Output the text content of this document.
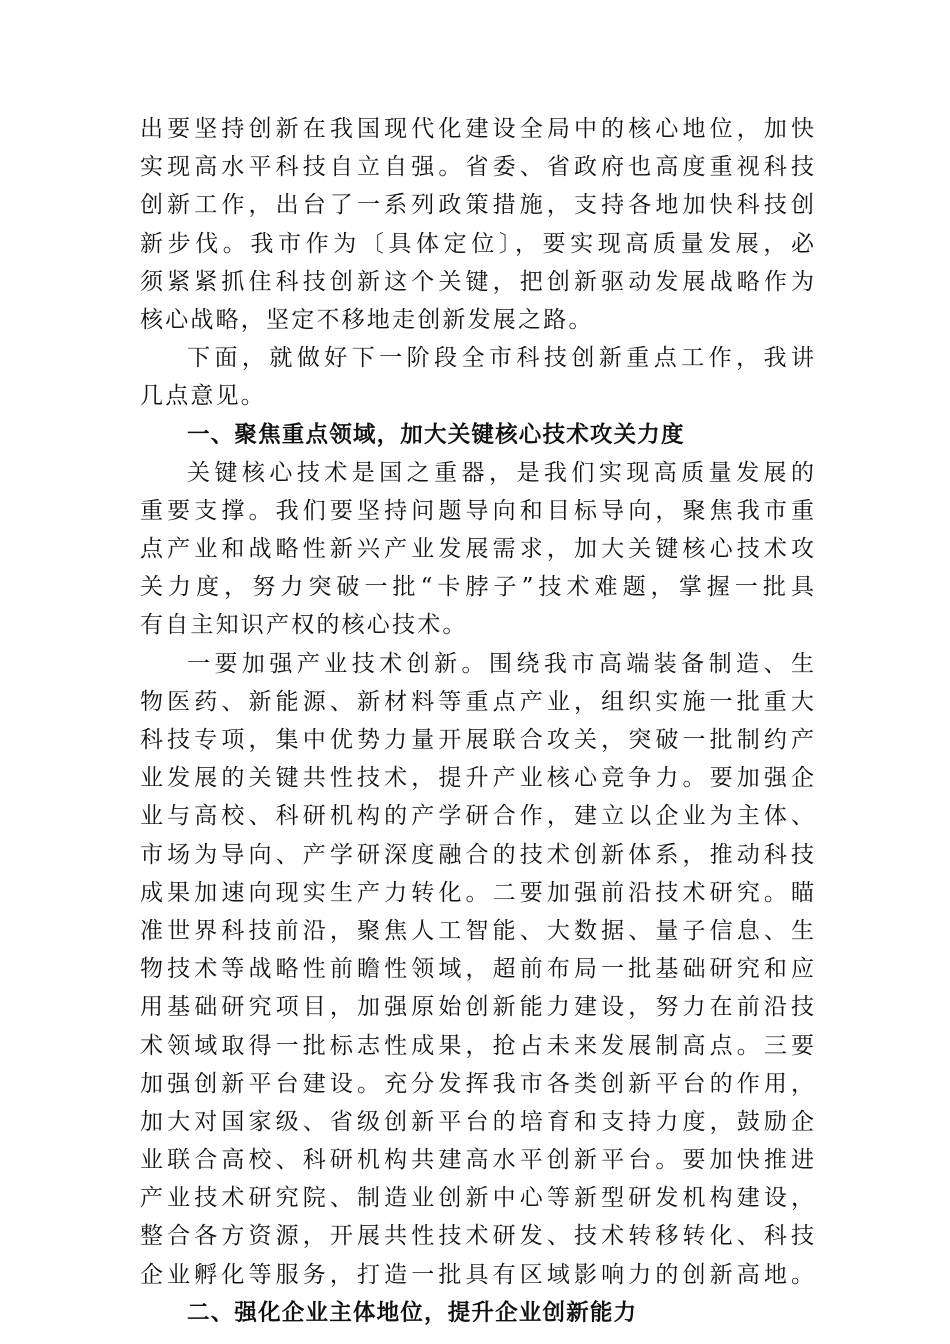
出要坚持创新在我国现代化建设全局中的核心地位，加快
实现高水平科技自立自强。省委、省政府也高度重视科技
创新工作，出台了一系列政策措施，支持各地加快科技创
新步伐。我市作为〔具体定位〕，要实现高质量发展，必
须紧紧抓住科技创新这个关键，把创新驱动发展战略作为
核心战略，坚定不移地走创新发展之路。
下面，就做好下一阶段全市科技创新重点工作，我讲
几点意见。
一、聚焦重点领域，加大关键核心技术攻关力度
关键核心技术是国之重器，是我们实现高质量发展的
重要支撑。我们要坚持问题导向和目标导向，聚焦我市重
点产业和战略性新兴产业发展需求，加大关键核心技术攻
关力度，努力突破一批“卡脖子”技术难题，掌握一批具
有自主知识产权的核心技术。
一要加强产业技术创新。围绕我市高端装备制造、生
物医药、新能源、新材料等重点产业，组织实施一批重大
科技专项，集中优势力量开展联合攻关，突破一批制约产
业发展的关键共性技术，提升产业核心竞争力。要加强企
业与高校、科研机构的产学研合作，建立以企业为主体、
市场为导向、产学研深度融合的技术创新体系，推动科技
成果加速向现实生产力转化。二要加强前沿技术研究。瞄
准世界科技前沿，聚焦人工智能、大数据、量子信息、生
物技术等战略性前瞻性领域，超前布局一批基础研究和应
用基础研究项目，加强原始创新能力建设，努力在前沿技
术领域取得一批标志性成果，抢占未来发展制高点。三要
加强创新平台建设。充分发挥我市各类创新平台的作用，
加大对国家级、省级创新平台的培育和支持力度，鼓励企
业联合高校、科研机构共建高水平创新平台。要加快推进
产业技术研究院、制造业创新中心等新型研发机构建设，
整合各方资源，开展共性技术研发、技术转移转化、科技
企业孵化等服务，打造一批具有区域影响力的创新高地。
二、强化企业主体地位，提升企业创新能力
